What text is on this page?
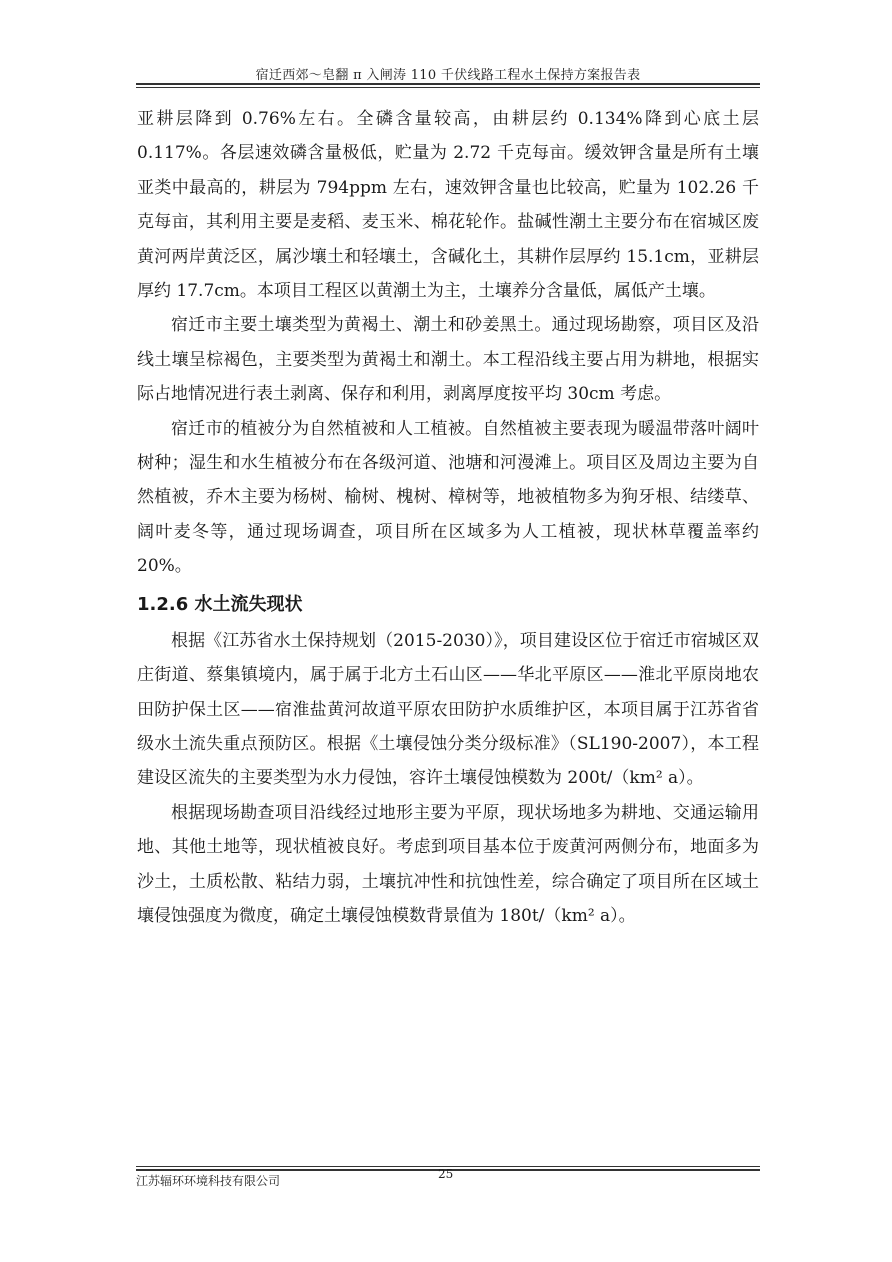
宿迁西郊～皂翻 π 入闸涛 110 千伏线路工程水土保持方案报告表

亚耕层降到 0.76%左右。全磷含量较高，由耕层约 0.134%降到心底土层 0.117%。各层速效磷含量极低，贮量为 2.72 千克每亩。缓效钾含量是所有土壤亚类中最高的，耕层为 794ppm 左右，速效钾含量也比较高，贮量为 102.26 千克每亩，其利用主要是麦稻、麦玉米、棉花轮作。盐碱性潮土主要分布在宿城区废黄河两岸黄泛区，属沙壤土和轻壤土，含碱化土，其耕作层厚约 15.1cm，亚耕层厚约 17.7cm。本项目工程区以黄潮土为主，土壤养分含量低，属低产土壤。

宿迁市主要土壤类型为黄褐土、潮土和砂姜黑土。通过现场勘察，项目区及沿线土壤呈棕褐色，主要类型为黄褐土和潮土。本工程沿线主要占用为耕地，根据实际占地情况进行表土剥离、保存和利用，剥离厚度按平均 30cm 考虑。

宿迁市的植被分为自然植被和人工植被。自然植被主要表现为暖温带落叶阔叶树种；湿生和水生植被分布在各级河道、池塘和河漫滩上。项目区及周边主要为自然植被，乔木主要为杨树、榆树、槐树、樟树等，地被植物多为狗牙根、结缕草、阔叶麦冬等，通过现场调查，项目所在区域多为人工植被，现状林草覆盖率约 20%。

1.2.6 水土流失现状

根据《江苏省水土保持规划（2015-2030）》，项目建设区位于宿迁市宿城区双庄街道、蔡集镇境内，属于属于北方土石山区——华北平原区——淮北平原岗地农田防护保土区——宿淮盐黄河故道平原农田防护水质维护区，本项目属于江苏省省级水土流失重点预防区。根据《土壤侵蚀分类分级标准》（SL190-2007），本工程建设区流失的主要类型为水力侵蚀，容许土壤侵蚀模数为 200t/（km² a）。

根据现场勘查项目沿线经过地形主要为平原，现状场地多为耕地、交通运输用地、其他土地等，现状植被良好。考虑到项目基本位于废黄河两侧分布，地面多为沙土，土质松散、粘结力弱，土壤抗冲性和抗蚀性差，综合确定了项目所在区域土壤侵蚀强度为微度，确定土壤侵蚀模数背景值为 180t/（km² a）。

江苏辐环环境科技有限公司	25
